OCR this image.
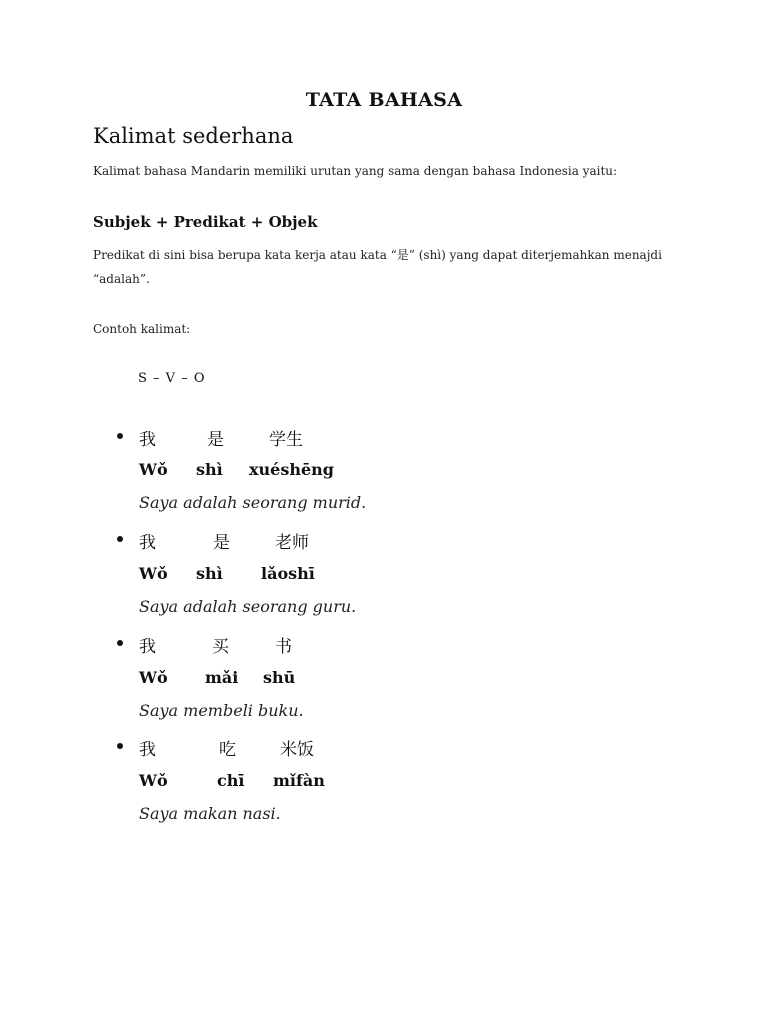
TATA BAHASA
Kalimat sederhana
Kalimat bahasa Mandarin memiliki urutan yang sama dengan bahasa Indonesia yaitu:
Subjek + Predikat + Objek
Predikat di sini bisa berupa kata kerja atau kata “是” (shì) yang dapat diterjemahkan menajdi
“adalah”.
Contoh kalimat:
S – V – O
我	是	学生
Wǒ shì xuéshēng
Saya adalah seorang murid.
我	是	老师
Wǒ shì lǎoshī
Saya adalah seorang guru.
我	买	书
Wǒ mǎi shū
Saya membeli buku.
我	吃	米饭
Wǒ	chī mǐfàn
Saya makan nasi.
